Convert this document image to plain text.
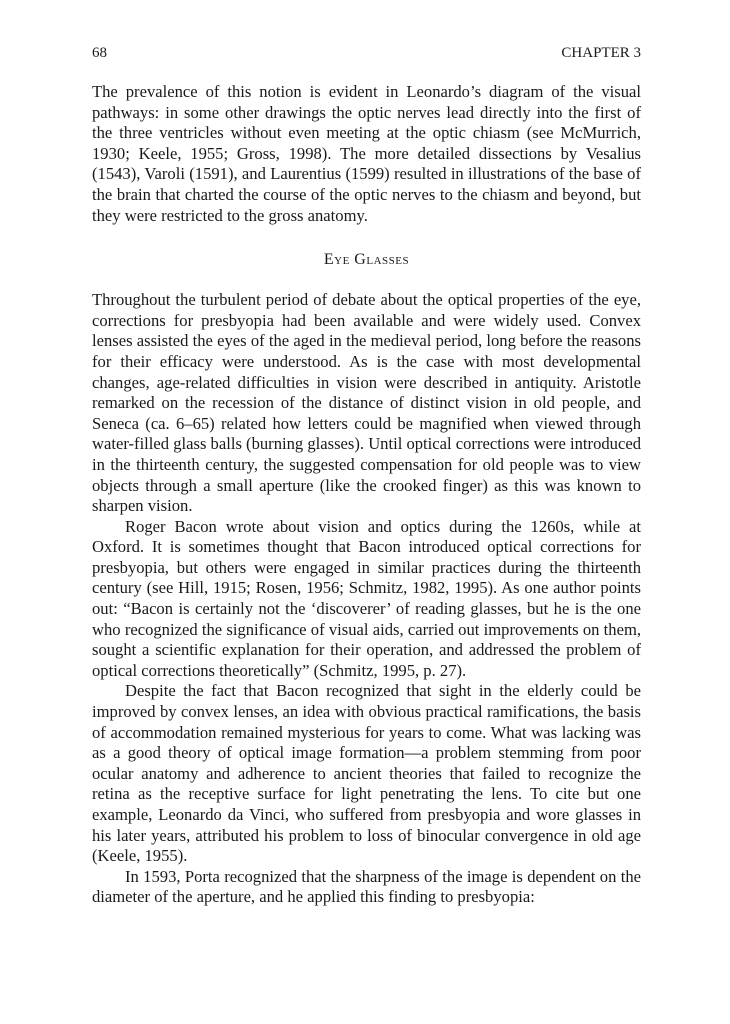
68	CHAPTER 3

The prevalence of this notion is evident in Leonardo’s diagram of the visual pathways: in some other drawings the optic nerves lead directly into the first of the three ventricles without even meeting at the optic chiasm (see McMurrich, 1930; Keele, 1955; Gross, 1998). The more detailed dissections by Vesalius (1543), Varoli (1591), and Laurentius (1599) resulted in illustrations of the base of the brain that charted the course of the optic nerves to the chiasm and beyond, but they were restricted to the gross anatomy.

Eye Glasses

Throughout the turbulent period of debate about the optical properties of the eye, corrections for presbyopia had been available and were widely used. Convex lenses assisted the eyes of the aged in the medieval period, long before the reasons for their efficacy were understood. As is the case with most developmental changes, age-related difficulties in vision were described in antiquity. Aristotle remarked on the recession of the distance of distinct vision in old people, and Seneca (ca. 6–65) related how letters could be magnified when viewed through water-filled glass balls (burning glasses). Until optical corrections were introduced in the thirteenth century, the suggested compensation for old people was to view objects through a small aperture (like the crooked finger) as this was known to sharpen vision.

Roger Bacon wrote about vision and optics during the 1260s, while at Oxford. It is sometimes thought that Bacon introduced optical corrections for presbyopia, but others were engaged in similar practices during the thirteenth century (see Hill, 1915; Rosen, 1956; Schmitz, 1982, 1995). As one author points out: “Bacon is certainly not the ‘discoverer’ of reading glasses, but he is the one who recognized the significance of visual aids, carried out improvements on them, sought a scientific explanation for their operation, and addressed the problem of optical corrections theoretically” (Schmitz, 1995, p. 27).

Despite the fact that Bacon recognized that sight in the elderly could be improved by convex lenses, an idea with obvious practical ramifications, the basis of accommodation remained mysterious for years to come. What was lacking was as a good theory of optical image formation—a problem stemming from poor ocular anatomy and adherence to ancient theories that failed to recognize the retina as the receptive surface for light penetrating the lens. To cite but one example, Leonardo da Vinci, who suffered from presbyopia and wore glasses in his later years, attributed his problem to loss of binocular convergence in old age (Keele, 1955).

In 1593, Porta recognized that the sharpness of the image is dependent on the diameter of the aperture, and he applied this finding to presbyopia:
